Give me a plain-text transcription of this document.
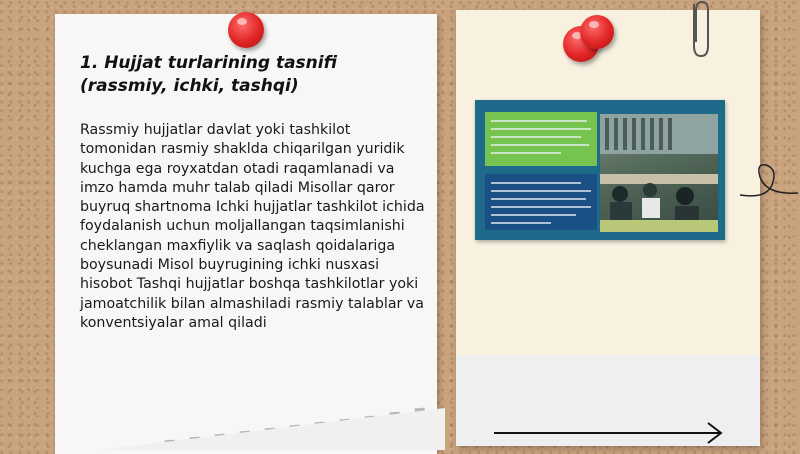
1. Hujjat turlarining tasnifi (rassmiy, ichki, tashqi)

Rassmiy hujjatlar davlat yoki tashkilot tomonidan rasmiy shaklda chiqarilgan yuridik kuchga ega royxatdan otadi raqamlanadi va imzo hamda muhr talab qiladi Misollar qaror buyruq shartnoma Ichki hujjatlar tashkilot ichida foydalanish uchun moljallangan taqsimlanishi cheklangan maxfiylik va saqlash qoidalariga boysunadi Misol buyrugining ichki nusxasi hisobot Tashqi hujjatlar boshqa tashkilotlar yoki jamoatchilik bilan almashiladi rasmiy talablar va konventsiyalar amal qiladi
